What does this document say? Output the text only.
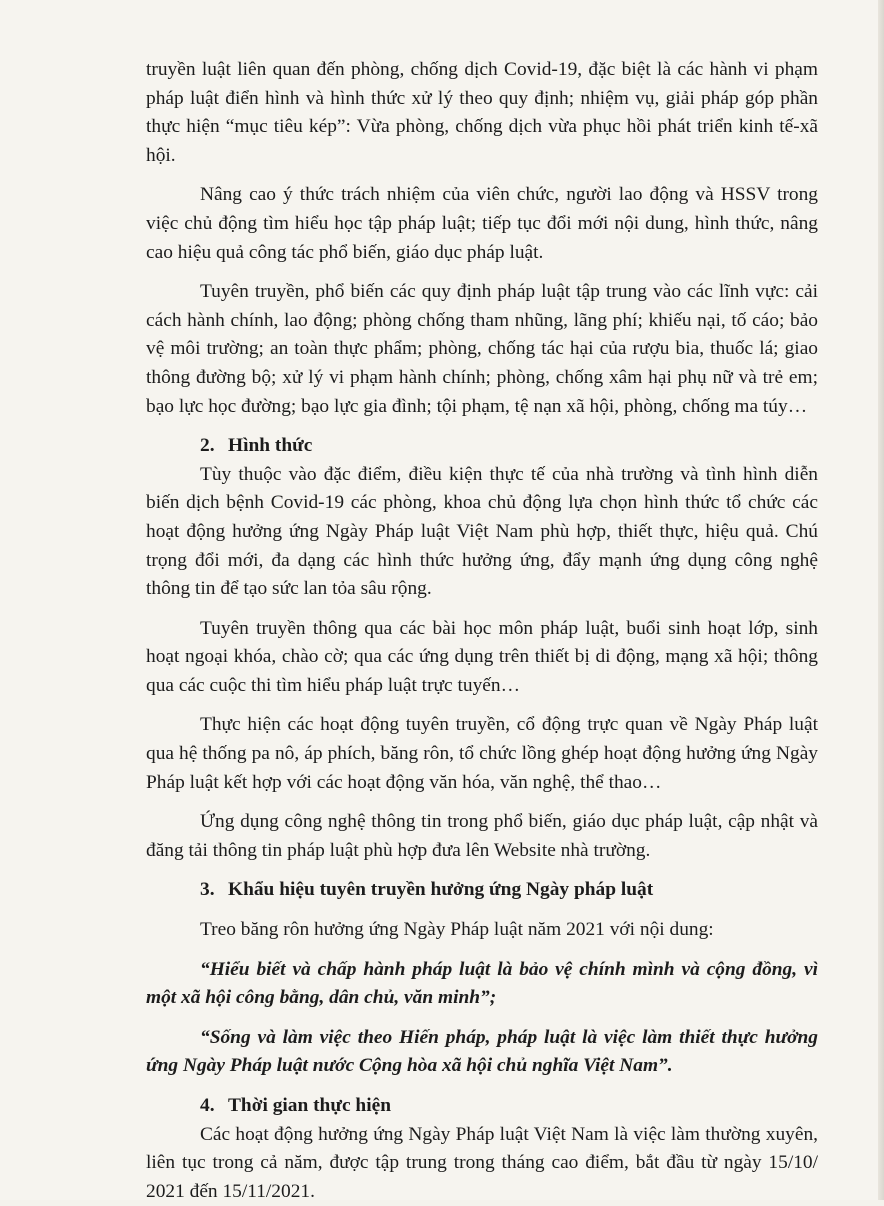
truyền luật liên quan đến phòng, chống dịch Covid-19, đặc biệt là các hành vi phạm pháp luật điển hình và hình thức xử lý theo quy định; nhiệm vụ, giải pháp góp phần thực hiện “mục tiêu kép”: Vừa phòng, chống dịch vừa phục hồi phát triển kinh tế-xã hội.

Nâng cao ý thức trách nhiệm của viên chức, người lao động và HSSV trong việc chủ động tìm hiểu học tập pháp luật; tiếp tục đổi mới nội dung, hình thức, nâng cao hiệu quả công tác phổ biến, giáo dục pháp luật.

Tuyên truyền, phổ biến các quy định pháp luật tập trung vào các lĩnh vực: cải cách hành chính, lao động; phòng chống tham nhũng, lãng phí; khiếu nại, tố cáo; bảo vệ môi trường; an toàn thực phẩm; phòng, chống tác hại của rượu bia, thuốc lá; giao thông đường bộ; xử lý vi phạm hành chính; phòng, chống xâm hại phụ nữ và trẻ em; bạo lực học đường; bạo lực gia đình; tội phạm, tệ nạn xã hội, phòng, chống ma túy…

2. Hình thức

Tùy thuộc vào đặc điểm, điều kiện thực tế của nhà trường và tình hình diễn biến dịch bệnh Covid-19 các phòng, khoa chủ động lựa chọn hình thức tổ chức các hoạt động hưởng ứng Ngày Pháp luật Việt Nam phù hợp, thiết thực, hiệu quả. Chú trọng đổi mới, đa dạng các hình thức hưởng ứng, đẩy mạnh ứng dụng công nghệ thông tin để tạo sức lan tỏa sâu rộng.

Tuyên truyền thông qua các bài học môn pháp luật, buổi sinh hoạt lớp, sinh hoạt ngoại khóa, chào cờ; qua các ứng dụng trên thiết bị di động, mạng xã hội; thông qua các cuộc thi tìm hiểu pháp luật trực tuyến…

Thực hiện các hoạt động tuyên truyền, cổ động trực quan về Ngày Pháp luật qua hệ thống pa nô, áp phích, băng rôn, tổ chức lồng ghép hoạt động hưởng ứng Ngày Pháp luật kết hợp với các hoạt động văn hóa, văn nghệ, thể thao…

Ứng dụng công nghệ thông tin trong phổ biến, giáo dục pháp luật, cập nhật và đăng tải thông tin pháp luật phù hợp đưa lên Website nhà trường.

3. Khẩu hiệu tuyên truyền hưởng ứng Ngày pháp luật

Treo băng rôn hưởng ứng Ngày Pháp luật năm 2021 với nội dung:

“Hiểu biết và chấp hành pháp luật là bảo vệ chính mình và cộng đồng, vì một xã hội công bằng, dân chủ, văn minh”;

“Sống và làm việc theo Hiến pháp, pháp luật là việc làm thiết thực hưởng ứng Ngày Pháp luật nước Cộng hòa xã hội chủ nghĩa Việt Nam”.

4. Thời gian thực hiện

Các hoạt động hưởng ứng Ngày Pháp luật Việt Nam là việc làm thường xuyên, liên tục trong cả năm, được tập trung trong tháng cao điểm, bắt đầu từ ngày 15/10/ 2021 đến 15/11/2021.
